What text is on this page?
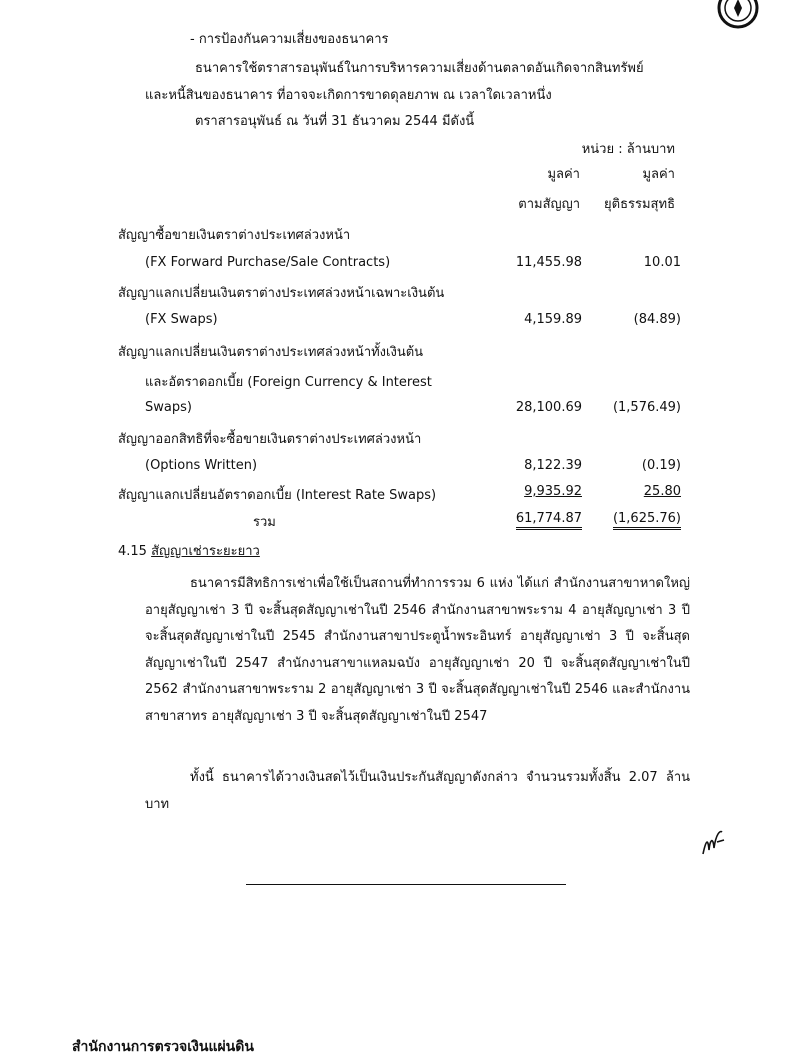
- การป้องกันความเสี่ยงของธนาคาร
ธนาคารใช้ตราสารอนุพันธ์ในการบริหารความเสี่ยงด้านตลาดอันเกิดจากสินทรัพย์
และหนี้สินของธนาคาร ที่อาจจะเกิดการขาดดุลยภาพ ณ เวลาใดเวลาหนึ่ง
ตราสารอนุพันธ์ ณ วันที่ 31 ธันวาคม 2544 มีดังนี้
หน่วย : ล้านบาท
มูลค่า	มูลค่า
ตามสัญญา	ยุติธรรมสุทธิ
สัญญาซื้อขายเงินตราต่างประเทศล่วงหน้า
(FX Forward Purchase/Sale Contracts)	11,455.98	10.01
สัญญาแลกเปลี่ยนเงินตราต่างประเทศล่วงหน้าเฉพาะเงินต้น
(FX Swaps)	4,159.89	(84.89)
สัญญาแลกเปลี่ยนเงินตราต่างประเทศล่วงหน้าทั้งเงินต้น
และอัตราดอกเบี้ย (Foreign Currency & Interest
Swaps)	28,100.69	(1,576.49)
สัญญาออกสิทธิที่จะซื้อขายเงินตราต่างประเทศล่วงหน้า
(Options Written)	8,122.39	(0.19)
สัญญาแลกเปลี่ยนอัตราดอกเบี้ย (Interest Rate Swaps)	9,935.92	25.80
รวม	61,774.87	(1,625.76)
4.15 สัญญาเช่าระยะยาว
ธนาคารมีสิทธิการเช่าเพื่อใช้เป็นสถานที่ทำการรวม 6 แห่ง ได้แก่ สำนักงานสาขาหาดใหญ่ อายุสัญญาเช่า 3 ปี จะสิ้นสุดสัญญาเช่าในปี 2546 สำนักงานสาขาพระราม 4 อายุสัญญาเช่า 3 ปี จะสิ้นสุดสัญญาเช่าในปี 2545 สำนักงานสาขาประตูน้ำพระอินทร์ อายุสัญญาเช่า 3 ปี จะสิ้นสุดสัญญาเช่าในปี 2547 สำนักงานสาขาแหลมฉบัง อายุสัญญาเช่า 20 ปี จะสิ้นสุดสัญญาเช่าในปี 2562 สำนักงานสาขาพระราม 2 อายุสัญญาเช่า 3 ปี จะสิ้นสุดสัญญาเช่าในปี 2546 และสำนักงานสาขาสาทร อายุสัญญาเช่า 3 ปี จะสิ้นสุดสัญญาเช่าในปี 2547
ทั้งนี้ ธนาคารได้วางเงินสดไว้เป็นเงินประกันสัญญาดังกล่าว จำนวนรวมทั้งสิ้น 2.07 ล้านบาท
สำนักงานการตรวจเงินแผ่นดิน
